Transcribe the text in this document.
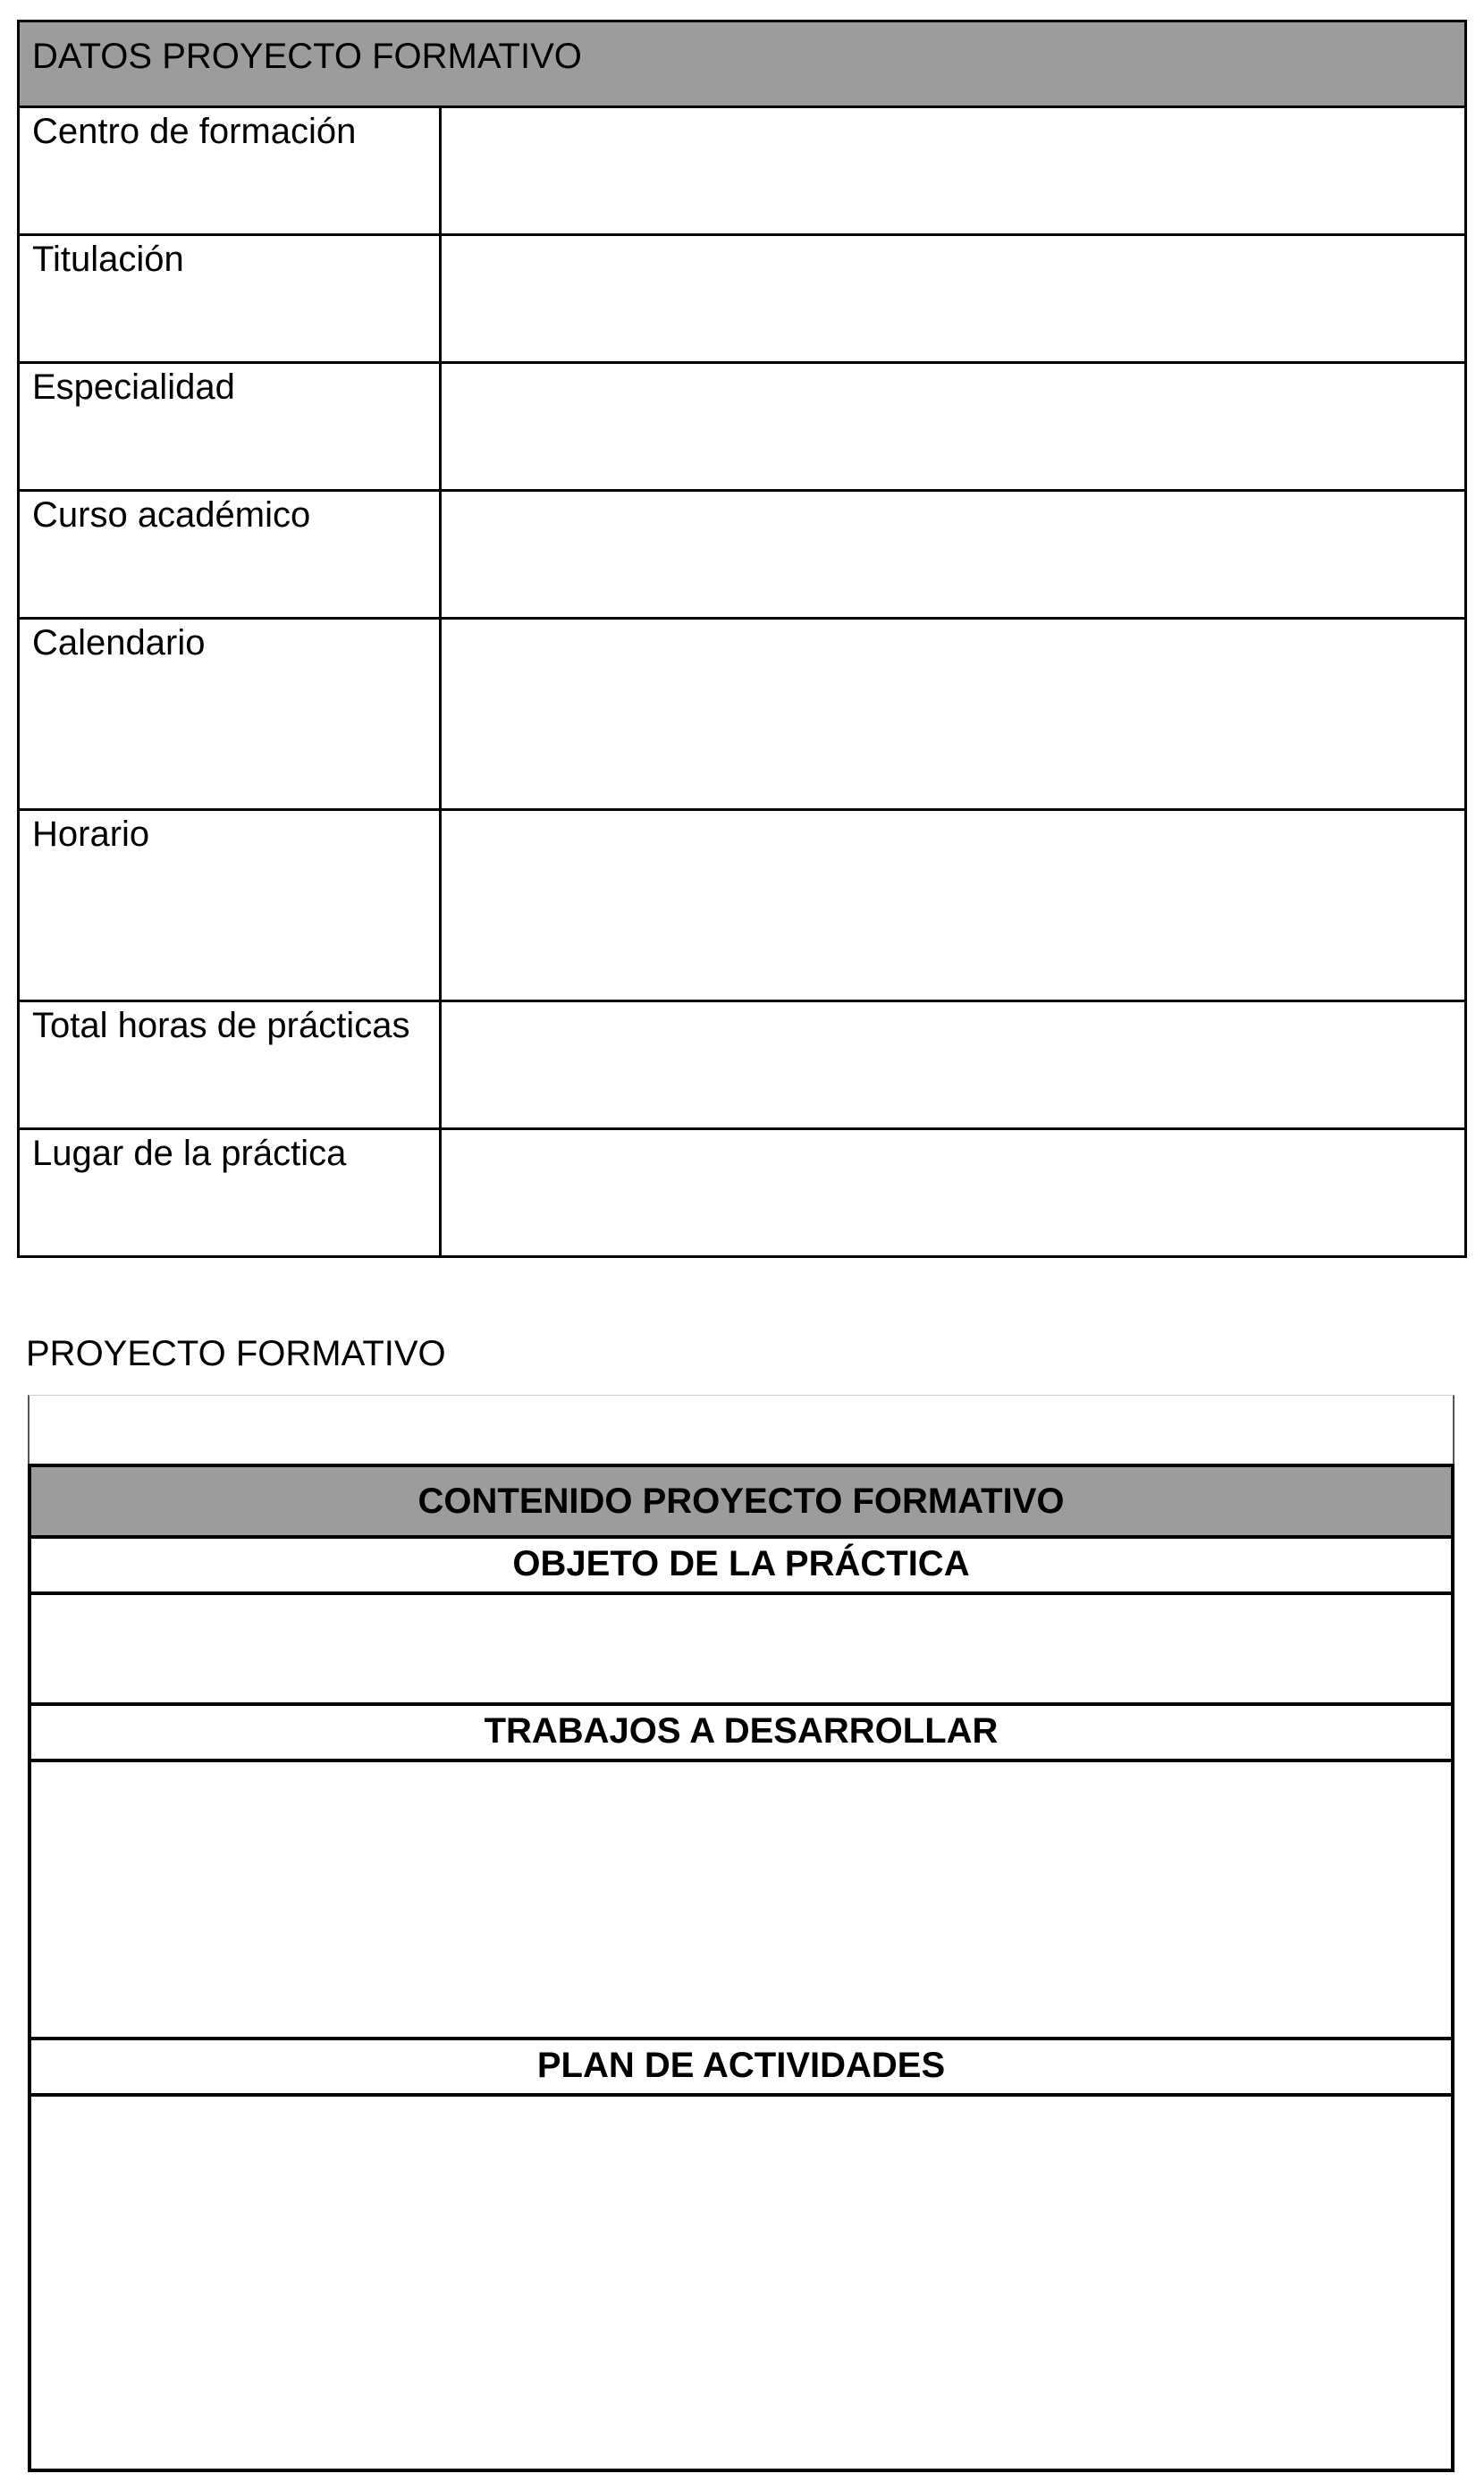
DATOS PROYECTO FORMATIVO
Centro de formación
Titulación
Especialidad
Curso académico
Calendario
Horario
Total horas de prácticas
Lugar de la práctica
PROYECTO FORMATIVO
CONTENIDO PROYECTO FORMATIVO
OBJETO DE LA PRÁCTICA
TRABAJOS A DESARROLLAR
PLAN DE ACTIVIDADES
